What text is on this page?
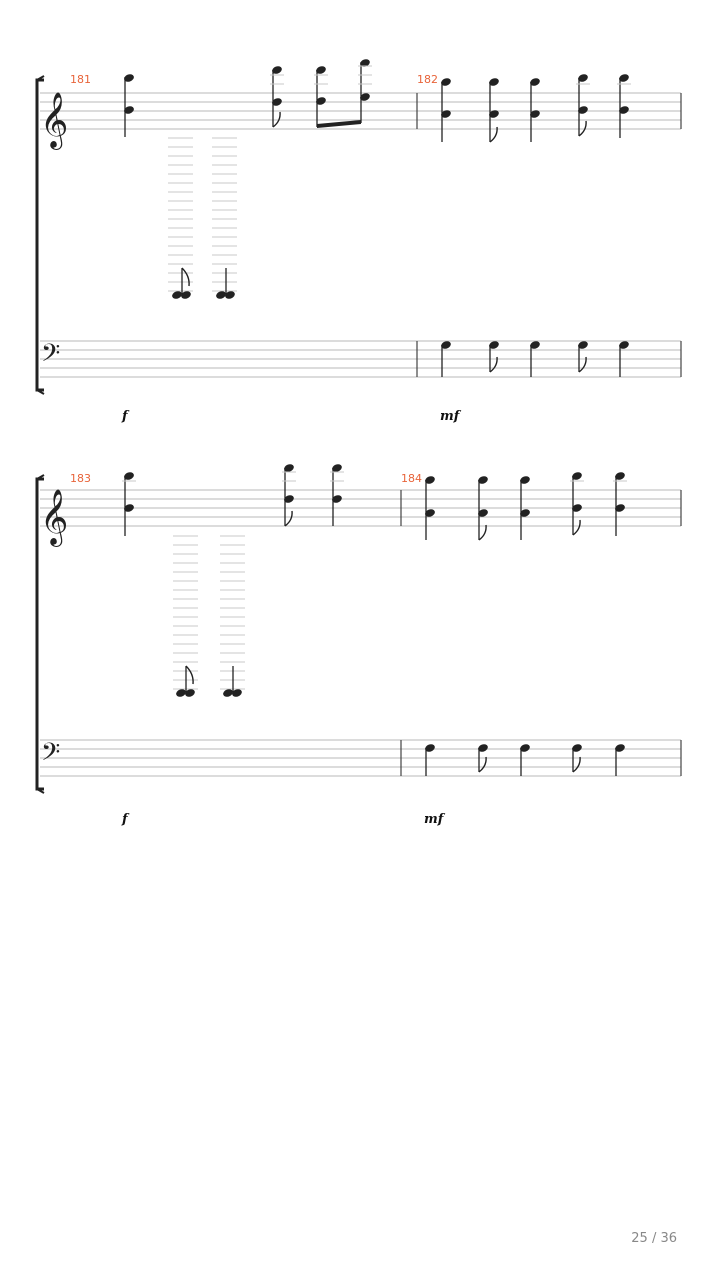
𝄞
𝄢
181	182
f	mf
𝄞
𝄢
183	184
f	mf
25 / 36
